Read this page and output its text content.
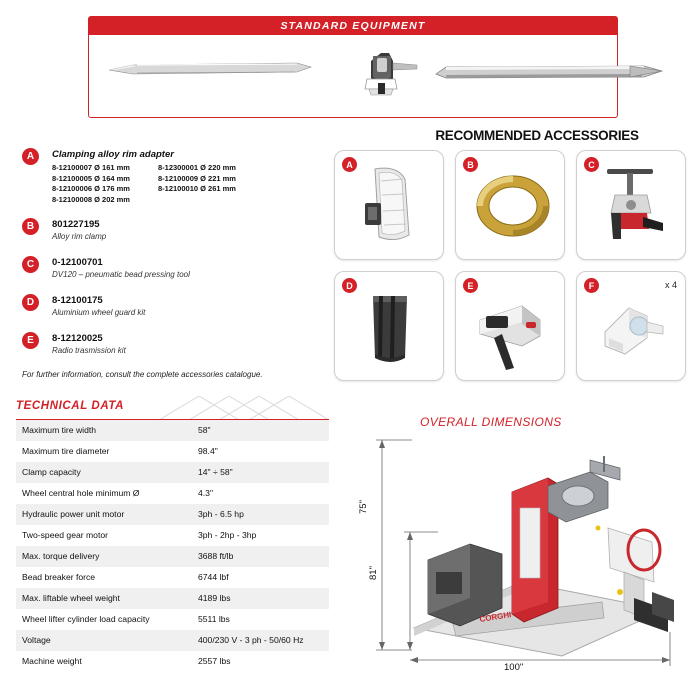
STANDARD EQUIPMENT
RECOMMENDED ACCESSORIES
A	Clamping alloy rim adapter
8-12100007 Ø 161 mm	8-12300001 Ø 220 mm
8-12100005 Ø 164 mm	8-12100009 Ø 221 mm
8-12100006 Ø 176 mm	8-12100010 Ø 261 mm
8-12100008 Ø 202 mm
B	801227195
Alloy rim clamp
C	0-12100701
DV120 – pneumatic bead pressing tool
D	8-12100175
Aluminium wheel guard kit
E	8-12120025
Radio trasmission kit
For further information, consult the complete accessories catalogue.
A	B	C
D	E	F	x 4
TECHNICAL DATA
Maximum tire width	58"
Maximum tire diameter	98.4"
Clamp capacity	14" ÷ 58"
Wheel central hole minimum Ø	4.3"
Hydraulic power unit motor	3ph - 6.5 hp
Two-speed gear motor	3ph - 2hp - 3hp
Max. torque delivery	3688 ft/lb
Bead breaker force	6744 lbf
Max. liftable wheel weight	4189 lbs
Wheel lifter cylinder load capacity	5511 lbs
Voltage	400/230 V - 3 ph - 50/60 Hz
Machine weight	2557 lbs
OVERALL DIMENSIONS
CORGHI
75"
81"
100"
